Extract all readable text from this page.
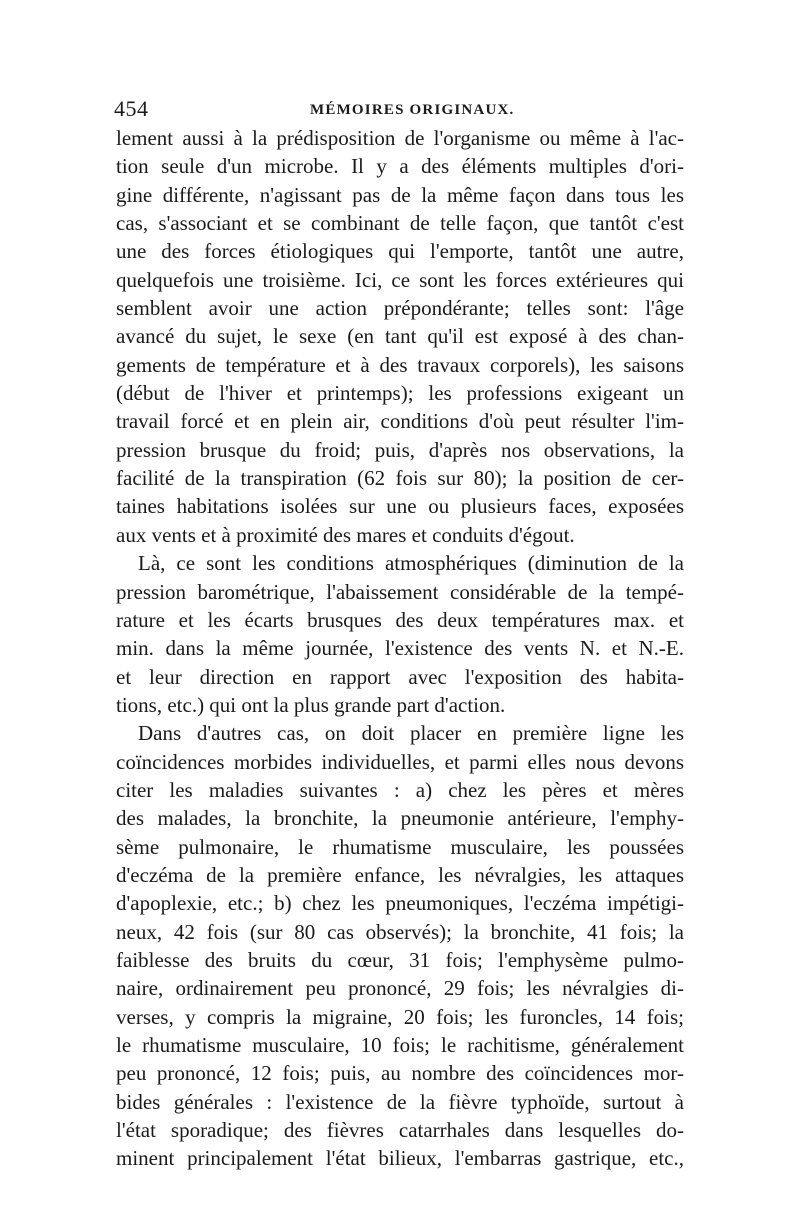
454	MÉMOIRES ORIGINAUX.
lement aussi à la prédisposition de l'organisme ou même à l'ac-
tion seule d'un microbe. Il y a des éléments multiples d'ori-
gine différente, n'agissant pas de la même façon dans tous les
cas, s'associant et se combinant de telle façon, que tantôt c'est
une des forces étiologiques qui l'emporte, tantôt une autre,
quelquefois une troisième. Ici, ce sont les forces extérieures qui
semblent avoir une action prépondérante; telles sont: l'âge
avancé du sujet, le sexe (en tant qu'il est exposé à des chan-
gements de température et à des travaux corporels), les saisons
(début de l'hiver et printemps); les professions exigeant un
travail forcé et en plein air, conditions d'où peut résulter l'im-
pression brusque du froid; puis, d'après nos observations, la
facilité de la transpiration (62 fois sur 80); la position de cer-
taines habitations isolées sur une ou plusieurs faces, exposées
aux vents et à proximité des mares et conduits d'égout.
Là, ce sont les conditions atmosphériques (diminution de la
pression barométrique, l'abaissement considérable de la tempé-
rature et les écarts brusques des deux températures max. et
min. dans la même journée, l'existence des vents N. et N.-E.
et leur direction en rapport avec l'exposition des habita-
tions, etc.) qui ont la plus grande part d'action.
Dans d'autres cas, on doit placer en première ligne les
coïncidences morbides individuelles, et parmi elles nous devons
citer les maladies suivantes : a) chez les pères et mères
des malades, la bronchite, la pneumonie antérieure, l'emphy-
sème pulmonaire, le rhumatisme musculaire, les poussées
d'eczéma de la première enfance, les névralgies, les attaques
d'apoplexie, etc.; b) chez les pneumoniques, l'eczéma impétigi-
neux, 42 fois (sur 80 cas observés); la bronchite, 41 fois; la
faiblesse des bruits du cœur, 31 fois; l'emphysème pulmo-
naire, ordinairement peu prononcé, 29 fois; les névralgies di-
verses, y compris la migraine, 20 fois; les furoncles, 14 fois;
le rhumatisme musculaire, 10 fois; le rachitisme, généralement
peu prononcé, 12 fois; puis, au nombre des coïncidences mor-
bides générales : l'existence de la fièvre typhoïde, surtout à
l'état sporadique; des fièvres catarrhales dans lesquelles do-
minent principalement l'état bilieux, l'embarras gastrique, etc.,
